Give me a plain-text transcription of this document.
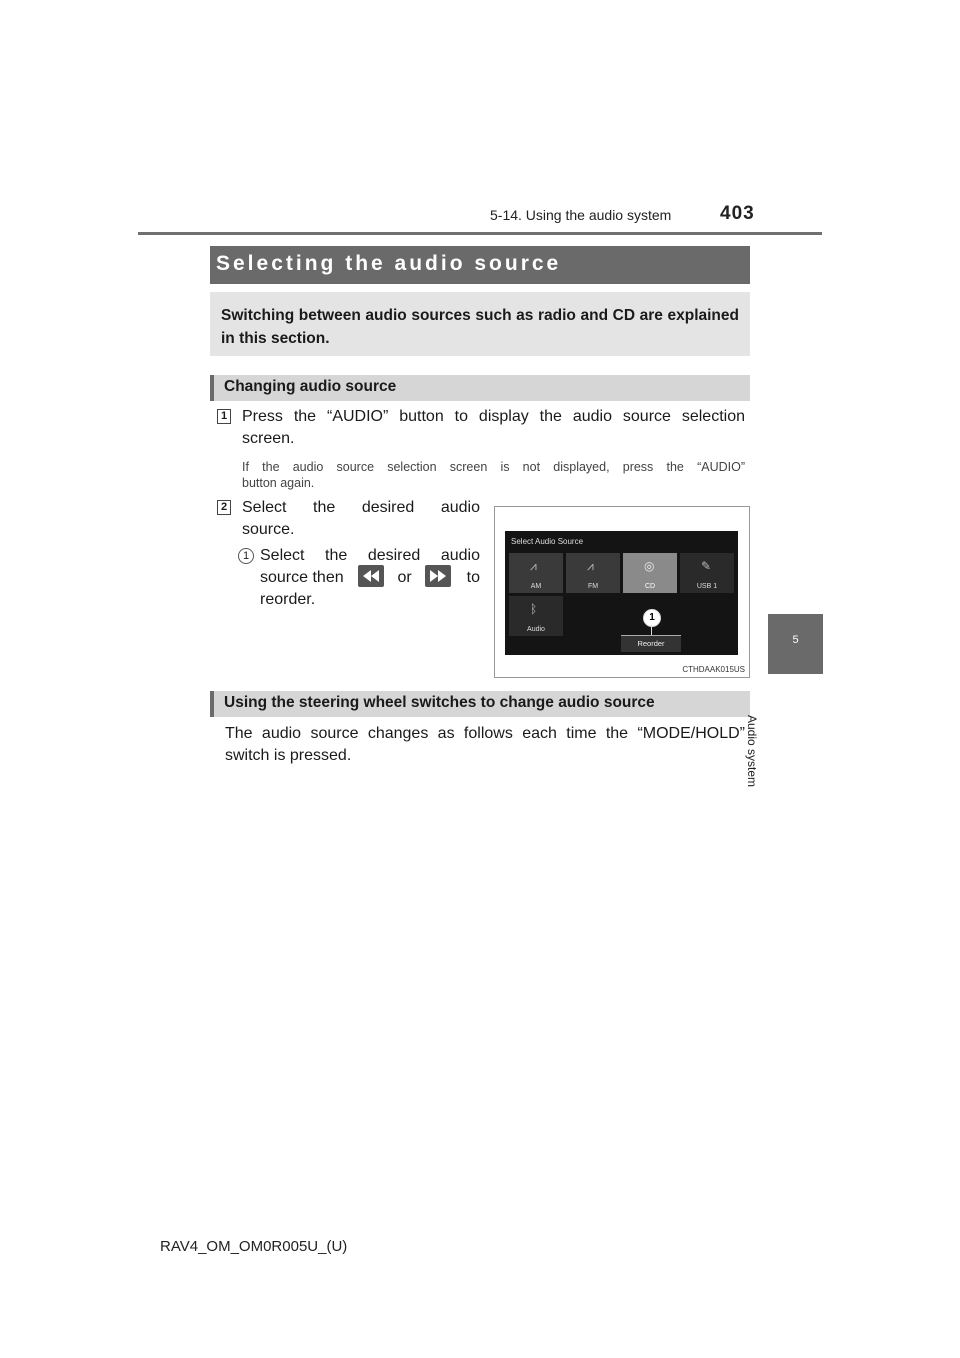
5-14. Using the audio system	403
Selecting the audio source
Switching between audio sources such as radio and CD are explained in this section.
Changing audio source
1 Press the “AUDIO” button to display the audio source selection
screen.
If the audio source selection screen is not displayed, press the “AUDIO”
button again.
2 Select the desired audio
source.
1 Select the desired audio
source then	or	to
reorder.
Select Audio Source
⩘
AM
⩘
FM
◎
CD
✎
USB 1
ᛒ
Audio
1
Reorder
CTHDAAK015US
Using the steering wheel switches to change audio source
The audio source changes as follows each time the “MODE/HOLD”
switch is pressed.
5
Audio system
RAV4_OM_OM0R005U_(U)
